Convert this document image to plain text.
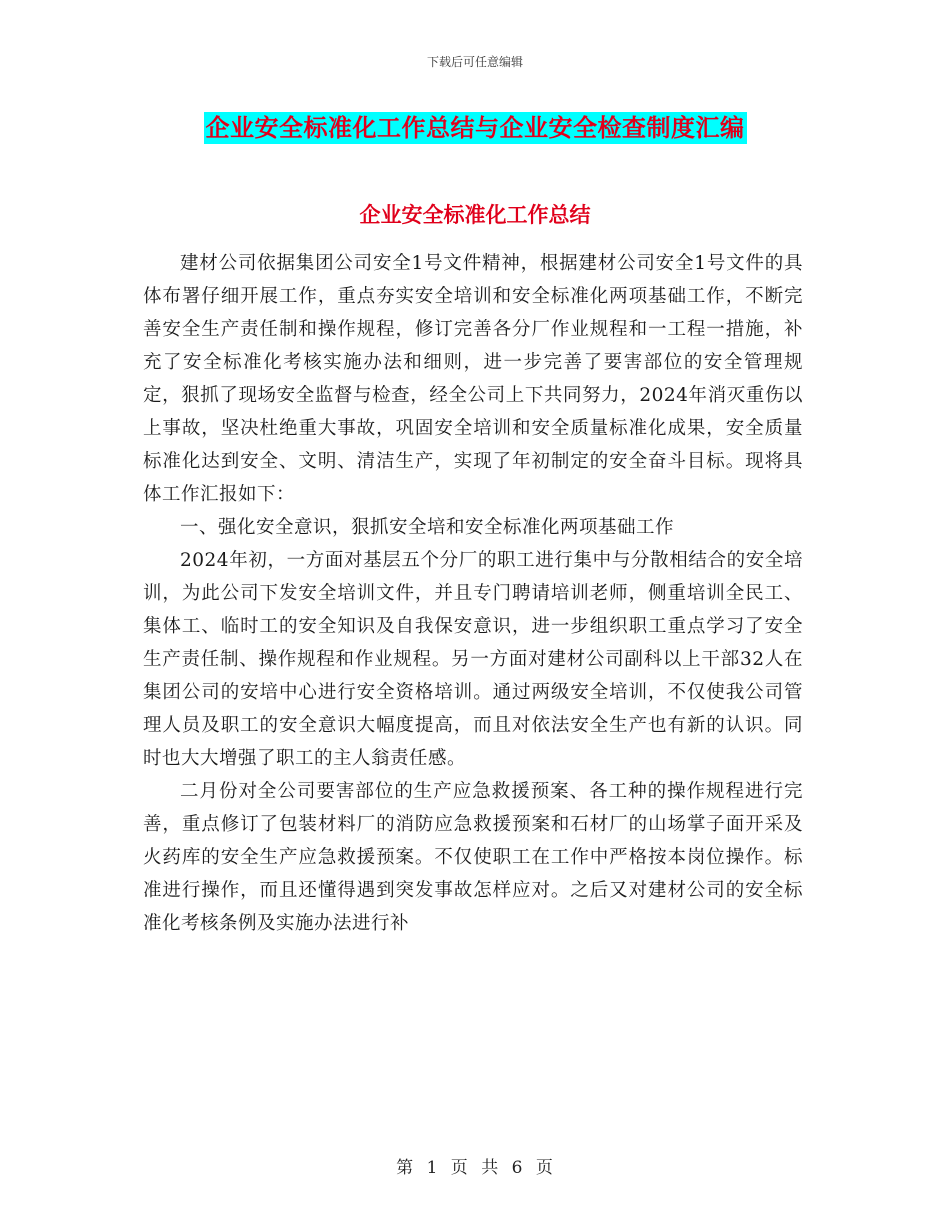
下载后可任意编辑
企业安全标准化工作总结与企业安全检查制度汇编
企业安全标准化工作总结

建材公司依据集团公司安全1号文件精神，根据建材公司安全1号文件的具体布署仔细开展工作，重点夯实安全培训和安全标准化两项基础工作，不断完善安全生产责任制和操作规程，修订完善各分厂作业规程和一工程一措施，补充了安全标准化考核实施办法和细则，进一步完善了要害部位的安全管理规定，狠抓了现场安全监督与检查，经全公司上下共同努力，2024年消灭重伤以上事故，坚决杜绝重大事故，巩固安全培训和安全质量标准化成果，安全质量标准化达到安全、文明、清洁生产，实现了年初制定的安全奋斗目标。现将具体工作汇报如下：

一、强化安全意识，狠抓安全培和安全标准化两项基础工作

2024年初，一方面对基层五个分厂的职工进行集中与分散相结合的安全培训，为此公司下发安全培训文件，并且专门聘请培训老师，侧重培训全民工、集体工、临时工的安全知识及自我保安意识，进一步组织职工重点学习了安全生产责任制、操作规程和作业规程。另一方面对建材公司副科以上干部32人在集团公司的安培中心进行安全资格培训。通过两级安全培训，不仅使我公司管理人员及职工的安全意识大幅度提高，而且对依法安全生产也有新的认识。同时也大大增强了职工的主人翁责任感。

二月份对全公司要害部位的生产应急救援预案、各工种的操作规程进行完善，重点修订了包装材料厂的消防应急救援预案和石材厂的山场掌子面开采及火药库的安全生产应急救援预案。不仅使职工在工作中严格按本岗位操作。标准进行操作，而且还懂得遇到突发事故怎样应对。之后又对建材公司的安全标准化考核条例及实施办法进行补

第 1 页 共 6 页
